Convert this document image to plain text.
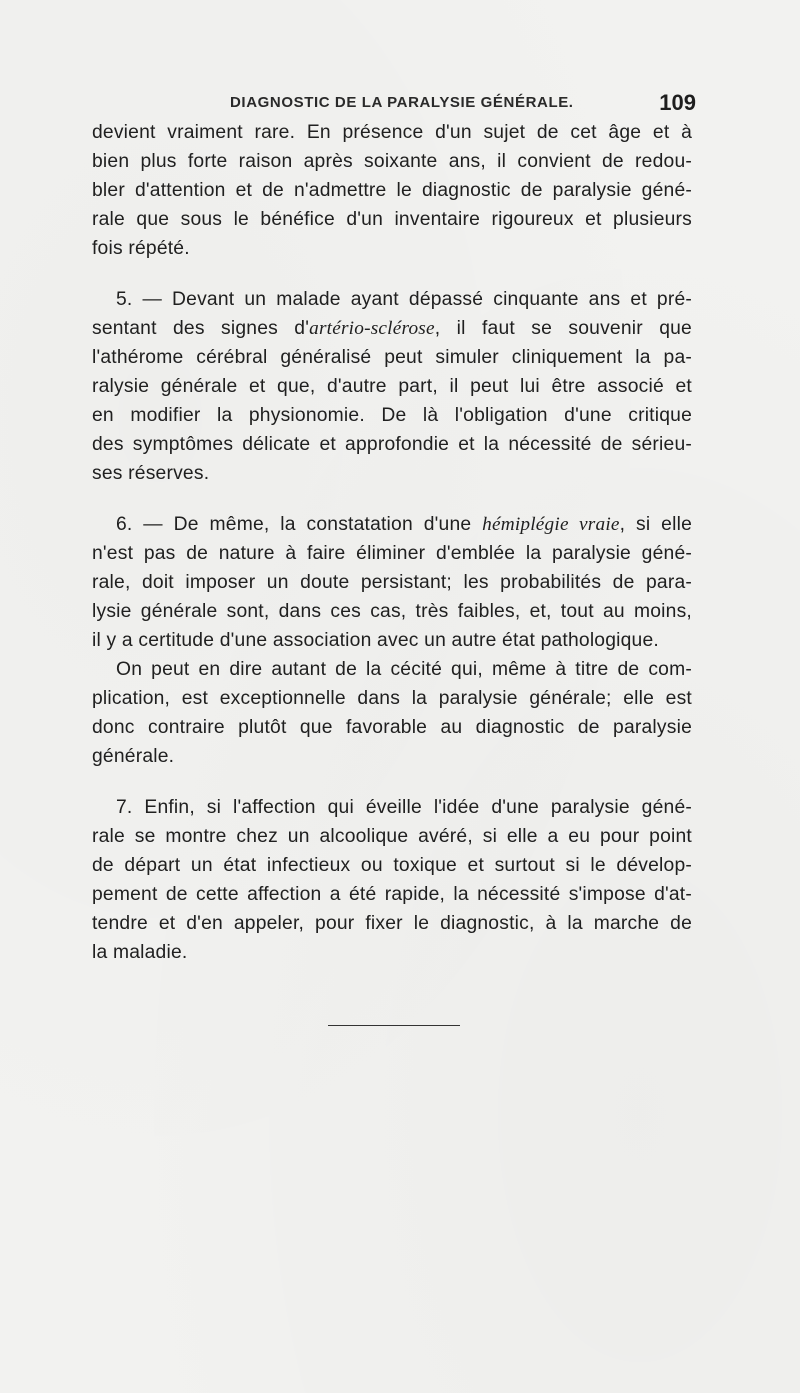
DIAGNOSTIC DE LA PARALYSIE GÉNÉRALE.	109

devient vraiment rare. En présence d'un sujet de cet âge et à
bien plus forte raison après soixante ans, il convient de redou-
bler d'attention et de n'admettre le diagnostic de paralysie géné-
rale que sous le bénéfice d'un inventaire rigoureux et plusieurs
fois répété.

5. — Devant un malade ayant dépassé cinquante ans et pré-
sentant des signes d'artério-sclérose, il faut se souvenir que
l'athérome cérébral généralisé peut simuler cliniquement la pa-
ralysie générale et que, d'autre part, il peut lui être associé et
en modifier la physionomie. De là l'obligation d'une critique
des symptômes délicate et approfondie et la nécessité de sérieu-
ses réserves.

6. — De même, la constatation d'une hémiplégie vraie, si elle
n'est pas de nature à faire éliminer d'emblée la paralysie géné-
rale, doit imposer un doute persistant; les probabilités de para-
lysie générale sont, dans ces cas, très faibles, et, tout au moins,
il y a certitude d'une association avec un autre état pathologique.

On peut en dire autant de la cécité qui, même à titre de com-
plication, est exceptionnelle dans la paralysie générale; elle est
donc contraire plutôt que favorable au diagnostic de paralysie
générale.

7. Enfin, si l'affection qui éveille l'idée d'une paralysie géné-
rale se montre chez un alcoolique avéré, si elle a eu pour point
de départ un état infectieux ou toxique et surtout si le dévelop-
pement de cette affection a été rapide, la nécessité s'impose d'at-
tendre et d'en appeler, pour fixer le diagnostic, à la marche de
la maladie.
